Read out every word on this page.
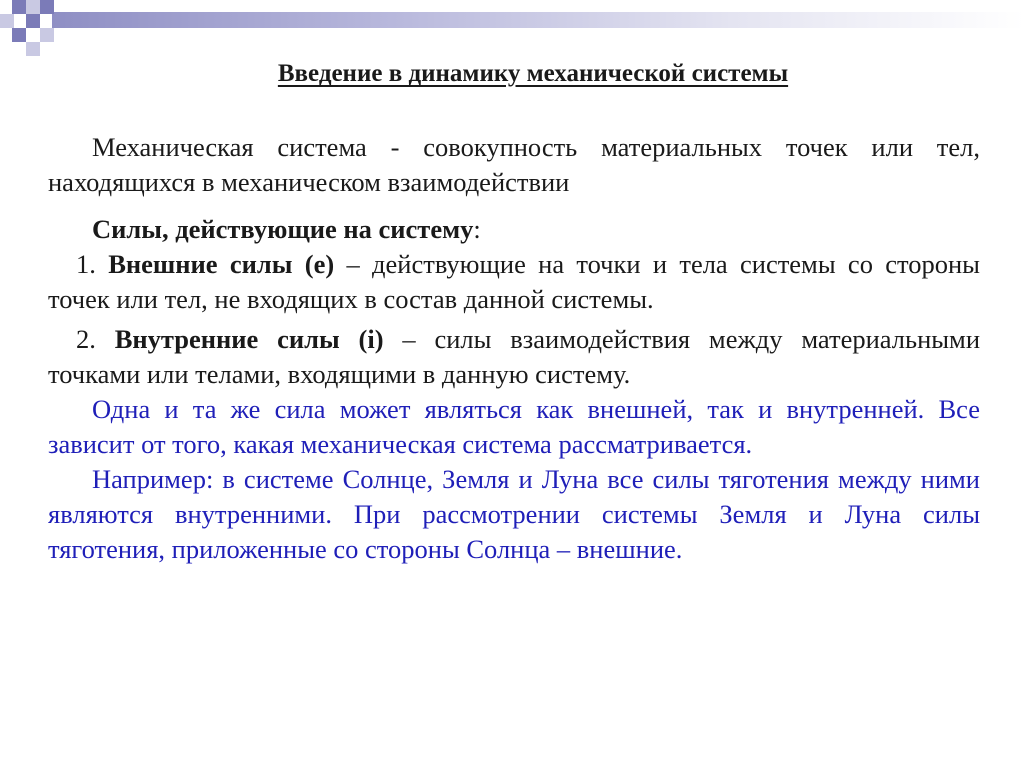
Введение в динамику механической системы

Механическая система - совокупность материальных точек или тел, находящихся в механическом взаимодействии

Силы, действующие на систему:

1. Внешние силы (е) – действующие на точки и тела системы со стороны точек или тел, не входящих в состав данной системы.

2. Внутренние силы (i) – силы взаимодействия между материальными точками или телами, входящими в данную систему.

Одна и та же сила может являться как внешней, так и внутренней. Все зависит от того, какая механическая система рассматривается.

Например: в системе Солнце, Земля и Луна все силы тяготения между ними являются внутренними. При рассмотрении системы Земля и Луна силы тяготения, приложенные со стороны Солнца – внешние.
